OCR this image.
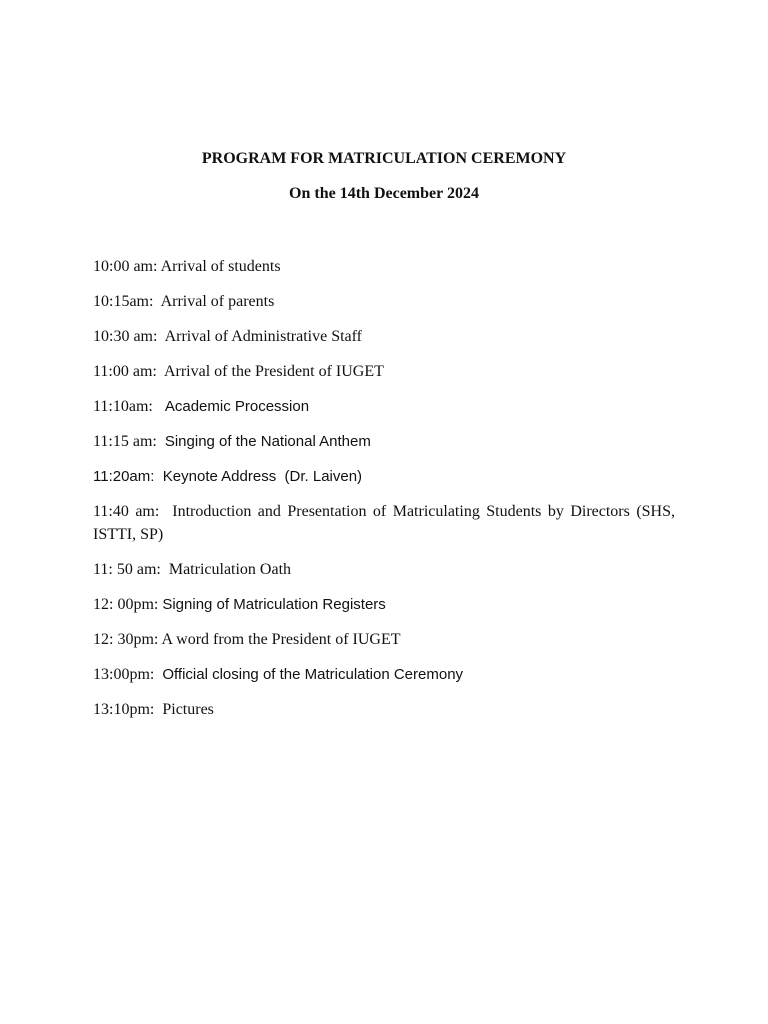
PROGRAM FOR MATRICULATION CEREMONY
On the 14th December 2024
10:00 am: Arrival of students
10:15am: Arrival of parents
10:30 am: Arrival of Administrative Staff
11:00 am: Arrival of the President of IUGET
11:10am: Academic Procession
11:15 am: Singing of the National Anthem
11:20am: Keynote Address  (Dr. Laiven)
11:40 am: Introduction and Presentation of Matriculating Students by Directors (SHS, ISTTI, SP)
11: 50 am: Matriculation Oath
12: 00pm: Signing of Matriculation Registers
12: 30pm: A word from the President of IUGET
13:00pm: Official closing of the Matriculation Ceremony
13:10pm: Pictures
